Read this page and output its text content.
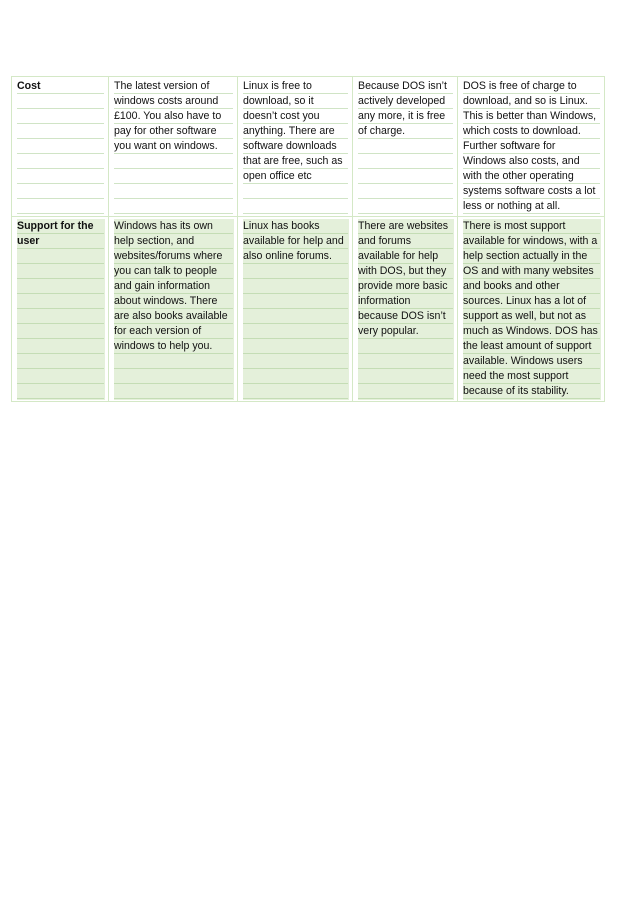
Cost	The latest version of windows costs around £100. You also have to pay for other software you want on windows.	Linux is free to download, so it doesn’t cost you anything. There are software downloads that are free, such as open office etc	Because DOS isn’t actively developed any more, it is free of charge.	DOS is free of charge to download, and so is Linux. This is better than Windows, which costs to download. Further software for Windows also costs, and with the other operating systems software costs a lot less or nothing at all.
Support for the user	Windows has its own help section, and websites/forums where you can talk to people and gain information about windows. There are also books available for each version of windows to help you.	Linux has books available for help and also online forums.	There are websites and forums available for help with DOS, but they provide more basic information because DOS isn’t very popular.	There is most support available for windows, with a help section actually in the OS and with many websites and books and other sources. Linux has a lot of support as well, but not as much as Windows. DOS has the least amount of support available. Windows users need the most support because of its stability.
